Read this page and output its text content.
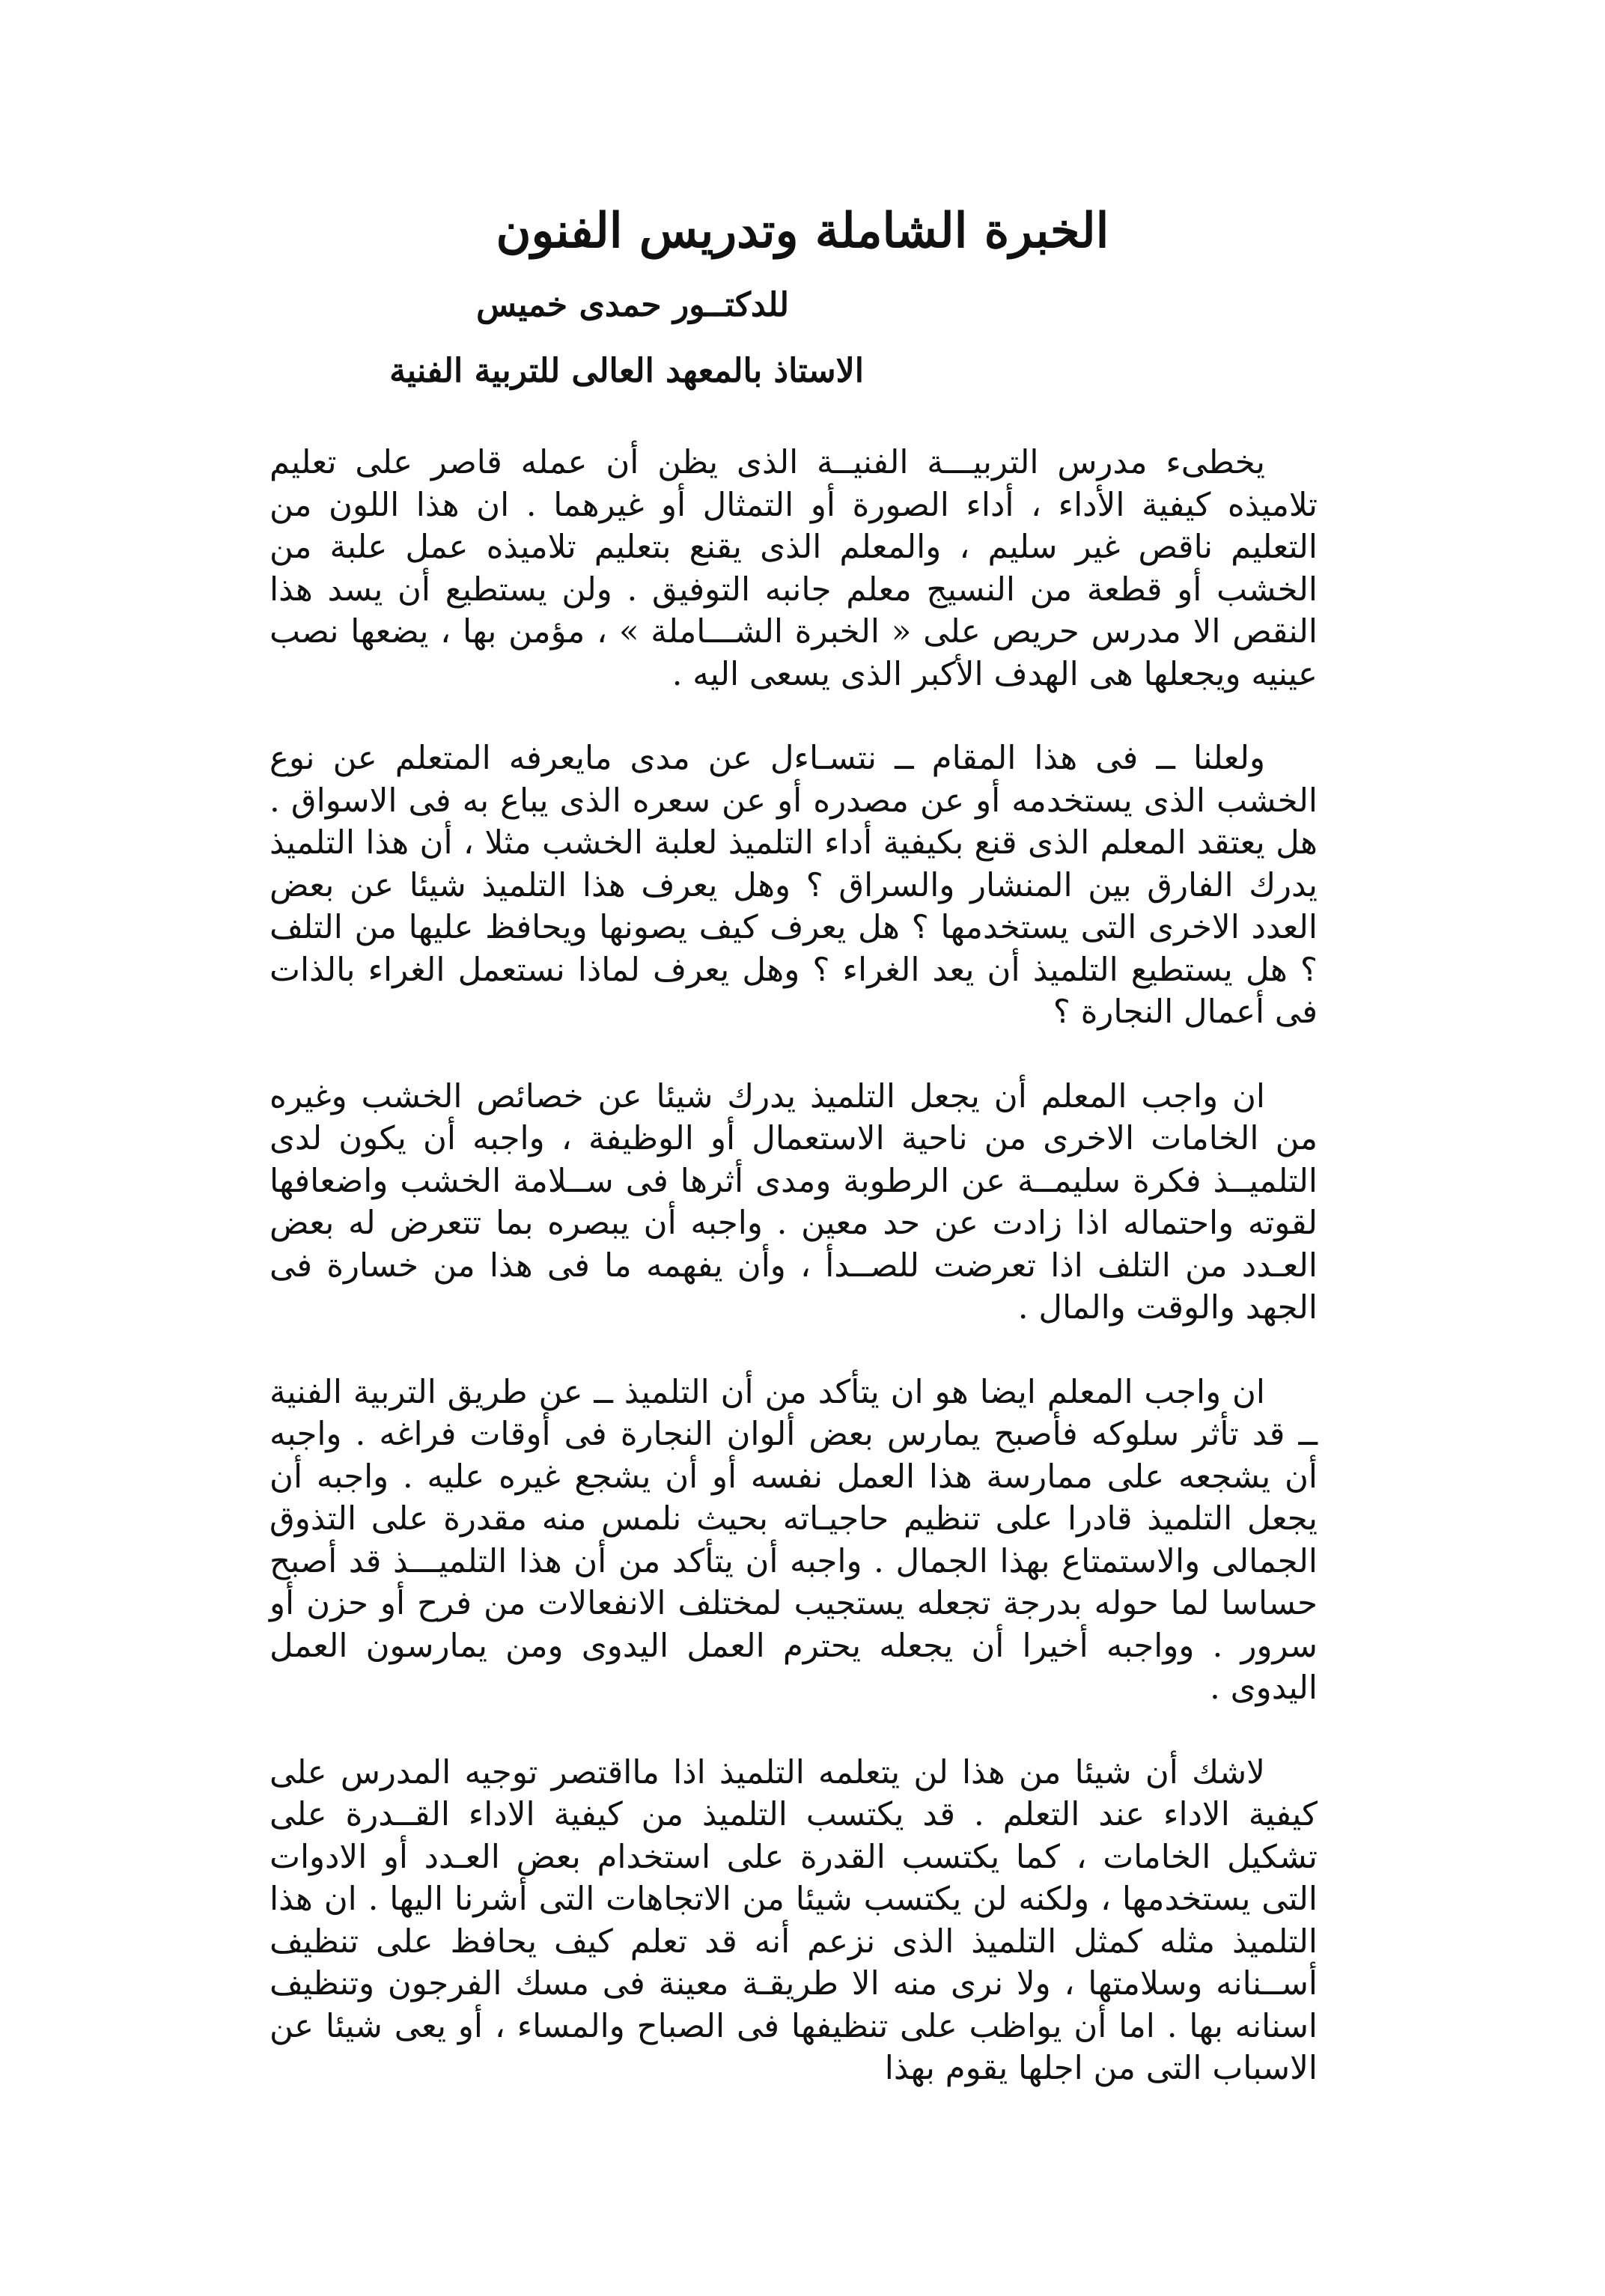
الخبرة الشاملة وتدريس الفنون
للدكتــور حمدى خميس
الاستاذ بالمعهد العالى للتربية الفنية

يخطىء مدرس التربيـــة الفنيــة الذى يظن أن عمله قاصر على تعليم تلاميذه كيفية الأداء ، أداء الصورة أو التمثال أو غيرهما . ان هذا اللون من التعليم ناقص غير سليم ، والمعلم الذى يقنع بتعليم تلاميذه عمل علبة من الخشب أو قطعة من النسيج معلم جانبه التوفيق . ولن يستطيع أن يسد هذا النقص الا مدرس حريص على « الخبرة الشـــاملة » ، مؤمن بها ، يضعها نصب عينيه ويجعلها هى الهدف الأكبر الذى يسعى اليه .

ولعلنا ــ فى هذا المقام ــ نتسـاءل عن مدى مايعرفه المتعلم عن نوع الخشب الذى يستخدمه أو عن مصدره أو عن سعره الذى يباع به فى الاسواق . هل يعتقد المعلم الذى قنع بكيفية أداء التلميذ لعلبة الخشب مثلا ، أن هذا التلميذ يدرك الفارق بين المنشار والسراق ؟ وهل يعرف هذا التلميذ شيئا عن بعض العدد الاخرى التى يستخدمها ؟ هل يعرف كيف يصونها ويحافظ عليها من التلف ؟ هل يستطيع التلميذ أن يعد الغراء ؟ وهل يعرف لماذا نستعمل الغراء بالذات فى أعمال النجارة ؟

ان واجب المعلم أن يجعل التلميذ يدرك شيئا عن خصائص الخشب وغيره من الخامات الاخرى من ناحية الاستعمال أو الوظيفة ، واجبه أن يكون لدى التلميــذ فكرة سليمــة عن الرطوبة ومدى أثرها فى ســلامة الخشب واضعافها لقوته واحتماله اذا زادت عن حد معين . واجبه أن يبصره بما تتعرض له بعض العـدد من التلف اذا تعرضت للصــدأ ، وأن يفهمه ما فى هذا من خسارة فى الجهد والوقت والمال .

ان واجب المعلم ايضا هو ان يتأكد من أن التلميذ ــ عن طريق التربية الفنية ــ قد تأثر سلوكه فأصبح يمارس بعض ألوان النجارة فى أوقات فراغه . واجبه أن يشجعه على ممارسة هذا العمل نفسه أو أن يشجع غيره عليه . واجبه أن يجعل التلميذ قادرا على تنظيم حاجيـاته بحيث نلمس منه مقدرة على التذوق الجمالى والاستمتاع بهذا الجمال . واجبه أن يتأكد من أن هذا التلميـــذ قد أصبح حساسا لما حوله بدرجة تجعله يستجيب لمختلف الانفعالات من فرح أو حزن أو سرور . وواجبه أخيرا أن يجعله يحترم العمل اليدوى ومن يمارسون العمل اليدوى .

لاشك أن شيئا من هذا لن يتعلمه التلميذ اذا مااقتصر توجيه المدرس على كيفية الاداء عند التعلم . قد يكتسب التلميذ من كيفية الاداء القــدرة على تشكيل الخامات ، كما يكتسب القدرة على استخدام بعض العـدد أو الادوات التى يستخدمها ، ولكنه لن يكتسب شيئا من الاتجاهات التى أشرنا اليها . ان هذا التلميذ مثله كمثل التلميذ الذى نزعم أنه قد تعلم كيف يحافظ على تنظيف أســنانه وسلامتها ، ولا نرى منه الا طريقـة معينة فى مسك الفرجون وتنظيف اسنانه بها . اما أن يواظب على تنظيفها فى الصباح والمساء ، أو يعى شيئا عن الاسباب التى من اجلها يقوم بهذا
